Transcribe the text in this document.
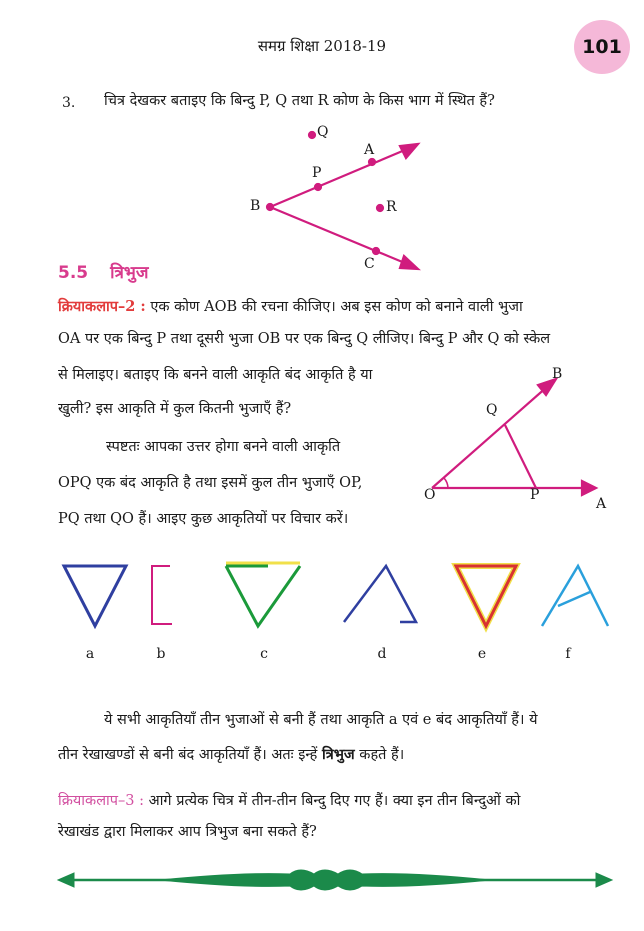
समग्र शिक्षा 2018-19	101
3. चित्र देखकर बताइए कि बिन्दु P, Q तथा R कोण के किस भाग में स्थित हैं?
Q
A
P
B	R
C
5.5 त्रिभुज
क्रियाकलाप–2 : एक कोण AOB की रचना कीजिए। अब इस कोण को बनाने वाली भुजा
OA पर एक बिन्दु P तथा दूसरी भुजा OB पर एक बिन्दु Q लीजिए। बिन्दु P और Q को स्केल
से मिलाइए। बताइए कि बनने वाली आकृति बंद आकृति है या
खुली? इस आकृति में कुल कितनी भुजाएँ हैं?
स्पष्टतः आपका उत्तर होगा बनने वाली आकृति
OPQ एक बंद आकृति है तथा इसमें कुल तीन भुजाएँ OP,
PQ तथा QO हैं। आइए कुछ आकृतियों पर विचार करें।
B
Q
O	P
A
a	b	c	d	e	f
ये सभी आकृतियाँ तीन भुजाओं से बनी हैं तथा आकृति a एवं e बंद आकृतियाँ हैं। ये
तीन रेखाखण्डों से बनी बंद आकृतियाँ हैं। अतः इन्हें त्रिभुज कहते हैं।
क्रियाकलाप–3 : आगे प्रत्येक चित्र में तीन-तीन बिन्दु दिए गए हैं। क्या इन तीन बिन्दुओं को
रेखाखंड द्वारा मिलाकर आप त्रिभुज बना सकते हैं?
